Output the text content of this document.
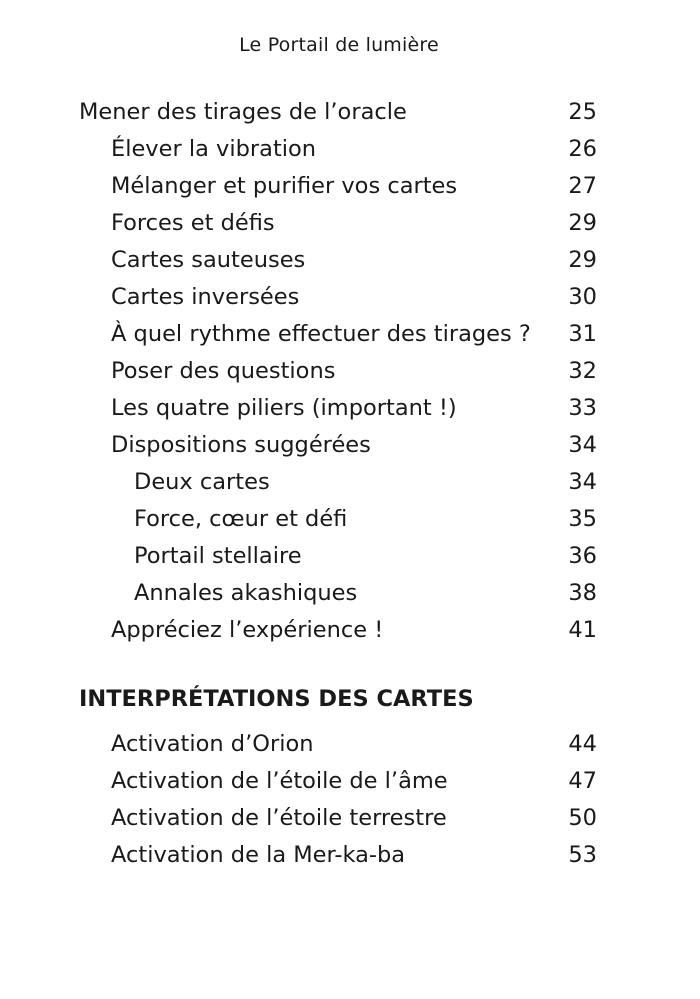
Le Portail de lumière
Mener des tirages de l’oracle	25
Élever la vibration	26
Mélanger et purifier vos cartes	27
Forces et défis	29
Cartes sauteuses	29
Cartes inversées	30
À quel rythme effectuer des tirages ? 31
Poser des questions	32
Les quatre piliers (important !)	33
Dispositions suggérées	34
Deux cartes	34
Force, cœur et défi	35
Portail stellaire	36
Annales akashiques	38
Appréciez l’expérience !	41
INTERPRÉTATIONS DES CARTES
Activation d’Orion	44
Activation de l’étoile de l’âme	47
Activation de l’étoile terrestre	50
Activation de la Mer-ka-ba	53
